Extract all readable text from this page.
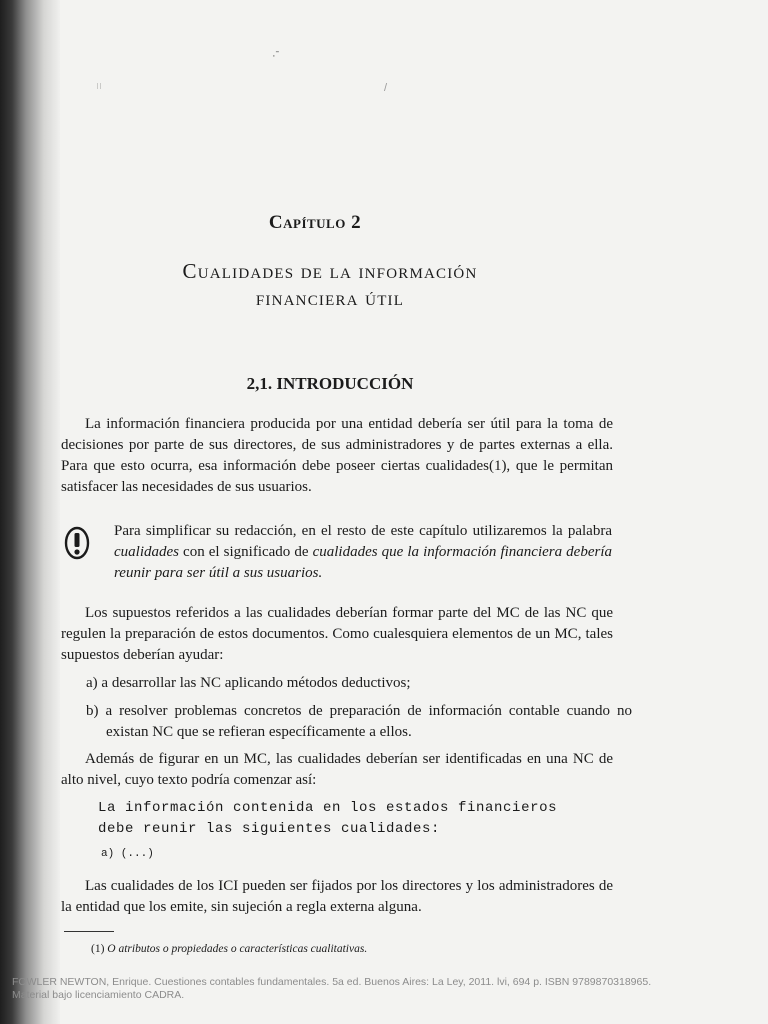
ıı
·ˉ
/
Capítulo 2
Cualidades de la información
financiera útil
2,1. INTRODUCCIÓN
La información financiera producida por una entidad debería ser útil para la toma de decisiones por parte de sus directores, de sus administradores y de partes externas a ella. Para que esto ocurra, esa información debe poseer ciertas cualidades(1), que le permitan satisfacer las necesidades de sus usuarios.
Para simplificar su redacción, en el resto de este capítulo utilizaremos la palabra cualidades con el significado de cualidades que la información financiera debería reunir para ser útil a sus usuarios.
Los supuestos referidos a las cualidades deberían formar parte del MC de las NC que regulen la preparación de estos documentos. Como cualesquiera elementos de un MC, tales supuestos deberían ayudar:
a) a desarrollar las NC aplicando métodos deductivos;
b) a resolver problemas concretos de preparación de información contable cuando no existan NC que se refieran específicamente a ellos.
Además de figurar en un MC, las cualidades deberían ser identificadas en una NC de alto nivel, cuyo texto podría comenzar así:
La información contenida en los estados financieros
debe reunir las siguientes cualidades:
a) (...)
Las cualidades de los ICI pueden ser fijados por los directores y los administradores de la entidad que los emite, sin sujeción a regla externa alguna.
(1) O atributos o propiedades o características cualitativas.
FOWLER NEWTON, Enrique. Cuestiones contables fundamentales. 5a ed. Buenos Aires: La Ley, 2011. lvi, 694 p. ISBN 9789870318965.
Material bajo licenciamiento CADRA.
